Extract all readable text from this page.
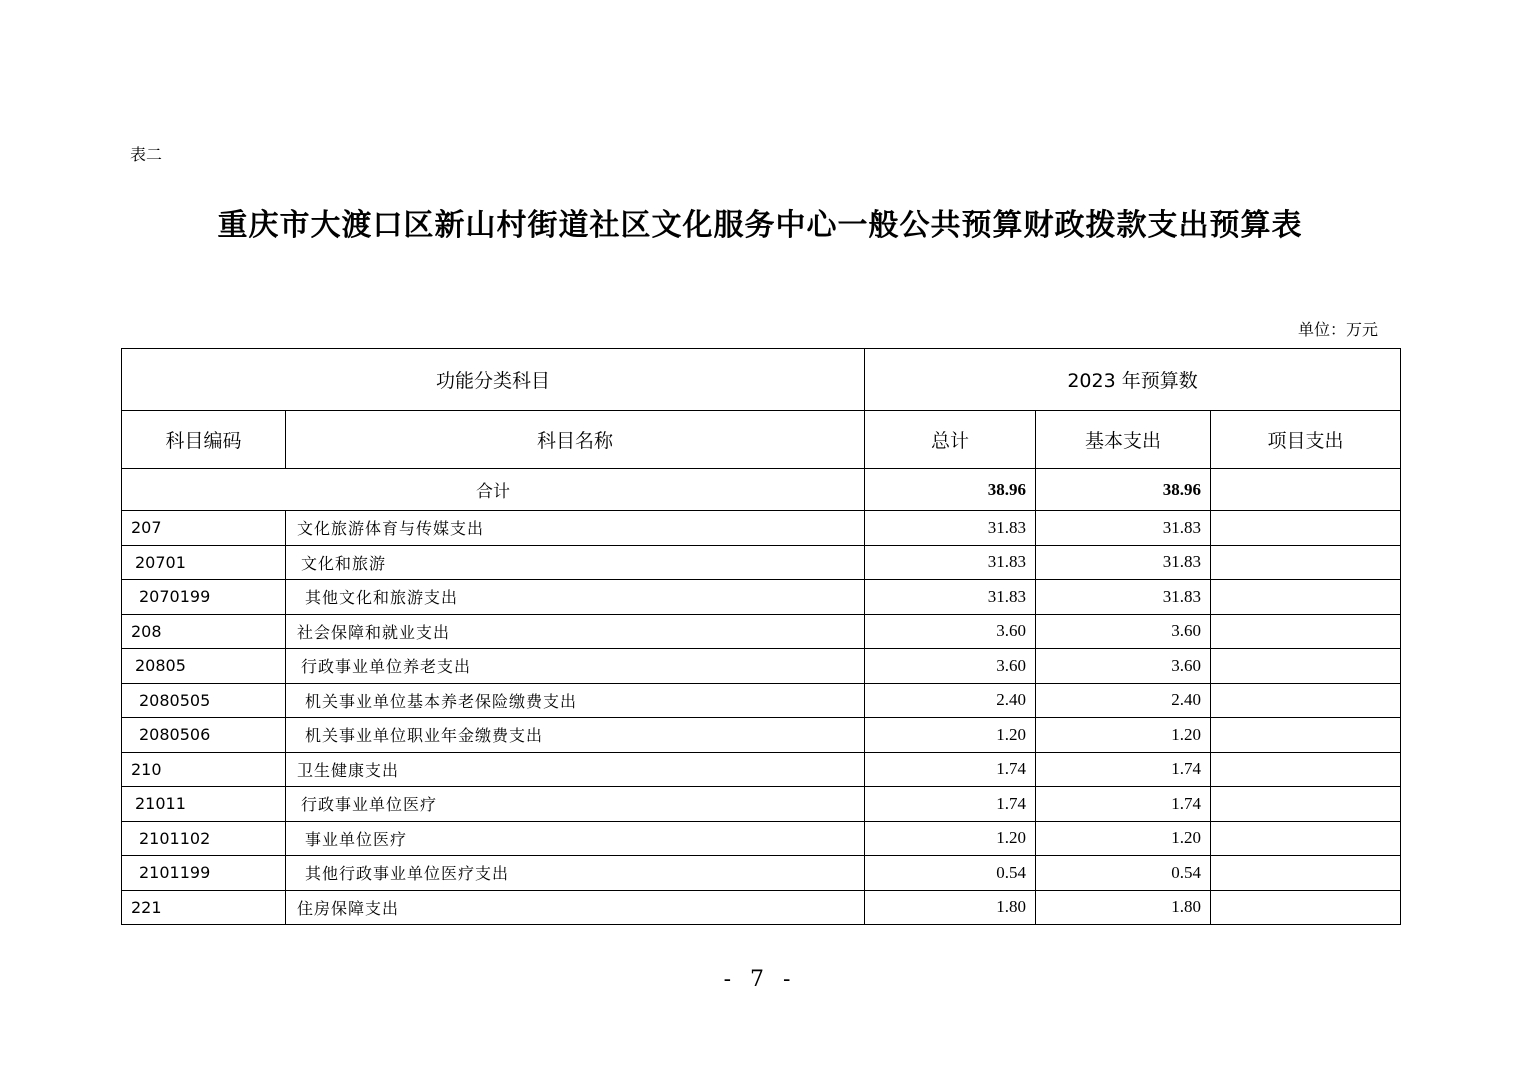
表二
重庆市大渡口区新山村街道社区文化服务中心一般公共预算财政拨款支出预算表
单位：万元
功能分类科目		2023 年预算数		
科目编码	科目名称	总计	基本支出	项目支出
合计		38.96	38.96	
207	文化旅游体育与传媒支出	31.83	31.83	
20701	文化和旅游	31.83	31.83	
2070199	其他文化和旅游支出	31.83	31.83	
208	社会保障和就业支出	3.60	3.60	
20805	行政事业单位养老支出	3.60	3.60	
2080505	机关事业单位基本养老保险缴费支出	2.40	2.40	
2080506	机关事业单位职业年金缴费支出	1.20	1.20	
210	卫生健康支出	1.74	1.74	
21011	行政事业单位医疗	1.74	1.74	
2101102	事业单位医疗	1.20	1.20	
2101199	其他行政事业单位医疗支出	0.54	0.54	
221	住房保障支出	1.80	1.80	
- 7 -
